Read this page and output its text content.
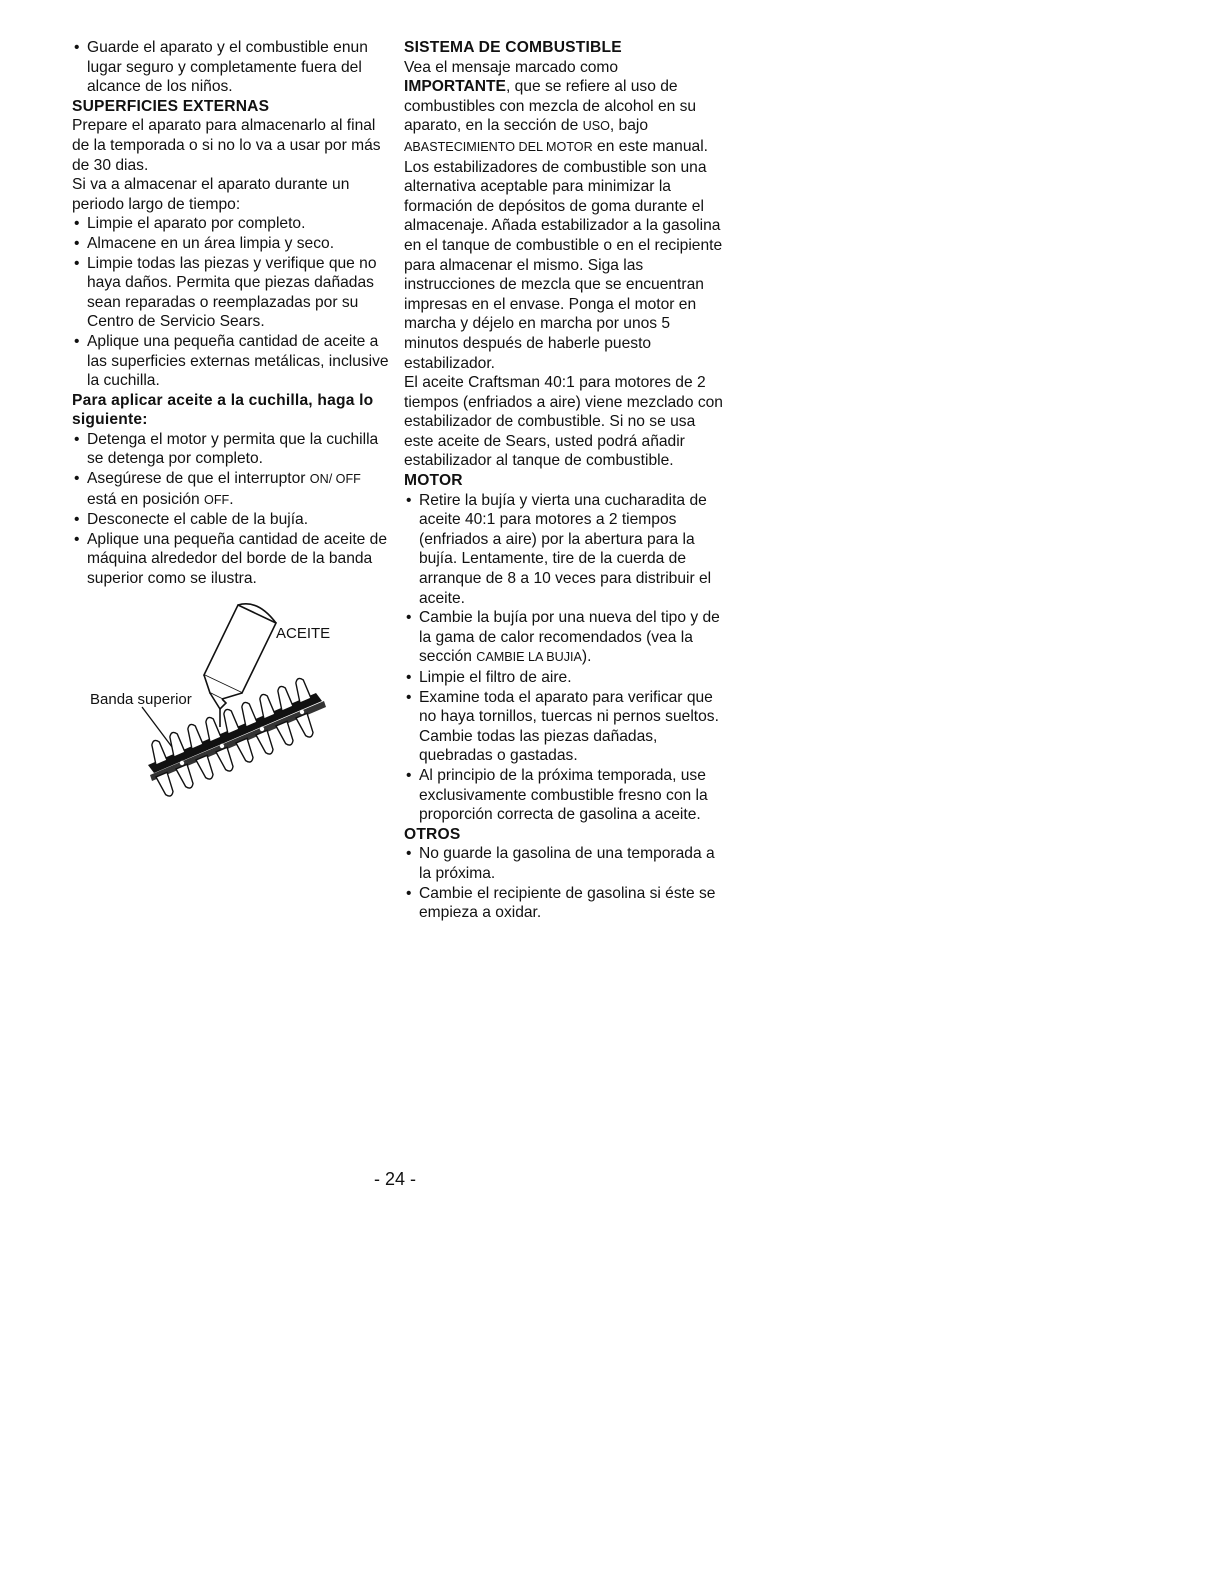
• Guarde el aparato y el combustible enun lugar seguro y completamente fuera del alcance de los niños.

SUPERFICIES EXTERNAS

Prepare el aparato para almacenarlo al final de la temporada o si no lo va a usar por más de 30 dias.

Si va a almacenar el aparato durante un periodo largo de tiempo:

• Limpie el aparato por completo.
• Almacene en un área limpia y seco.
• Limpie todas las piezas y verifique que no haya daños. Permita que piezas dañadas sean reparadas o reemplazadas por su Centro de Servicio Sears.
• Aplique una pequeña cantidad de aceite a las superficies externas metálicas, inclusive la cuchilla.

Para aplicar aceite a la cuchilla, haga lo siguiente:

• Detenga el motor y permita que la cuchilla se detenga por completo.
• Asegúrese de que el interruptor ON/ OFF está en posición OFF.
• Desconecte el cable de la bujía.
• Aplique una pequeña cantidad de aceite de máquina alrededor del borde de la banda superior como se ilustra.
ACEITE
Banda superior

SISTEMA DE COMBUSTIBLE

Vea el mensaje marcado como IMPORTANTE, que se refiere al uso de combustibles con mezcla de alcohol en su aparato, en la sección de USO, bajo ABASTECIMIENTO DEL MOTOR en este manual.

Los estabilizadores de combustible son una alternativa aceptable para minimizar la formación de depósitos de goma durante el almacenaje. Añada estabilizador a la gasolina en el tanque de combustible o en el recipiente para almacenar el mismo. Siga las instrucciones de mezcla que se encuentran impresas en el envase. Ponga el motor en marcha y déjelo en marcha por unos 5 minutos después de haberle puesto estabilizador.

El aceite Craftsman 40:1 para motores de 2 tiempos (enfriados a aire) viene mezclado con estabilizador de combustible. Si no se usa este aceite de Sears, usted podrá añadir estabilizador al tanque de combustible.

MOTOR

• Retire la bujía y vierta una cucharadita de aceite 40:1 para motores a 2 tiempos (enfriados a aire) por la abertura para la bujía. Lentamente, tire de la cuerda de arranque de 8 a 10 veces para distribuir el aceite.
• Cambie la bujía por una nueva del tipo y de la gama de calor recomendados (vea la sección CAMBIE LA BUJIA).
• Limpie el filtro de aire.
• Examine toda el aparato para verificar que no haya tornillos, tuercas ni pernos sueltos. Cambie todas las piezas dañadas, quebradas o gastadas.
• Al principio de la próxima temporada, use exclusivamente combustible fresno con la proporción correcta de gasolina a aceite.

OTROS

• No guarde la gasolina de una temporada a la próxima.
• Cambie el recipiente de gasolina si éste se empieza a oxidar.
- 24 -
